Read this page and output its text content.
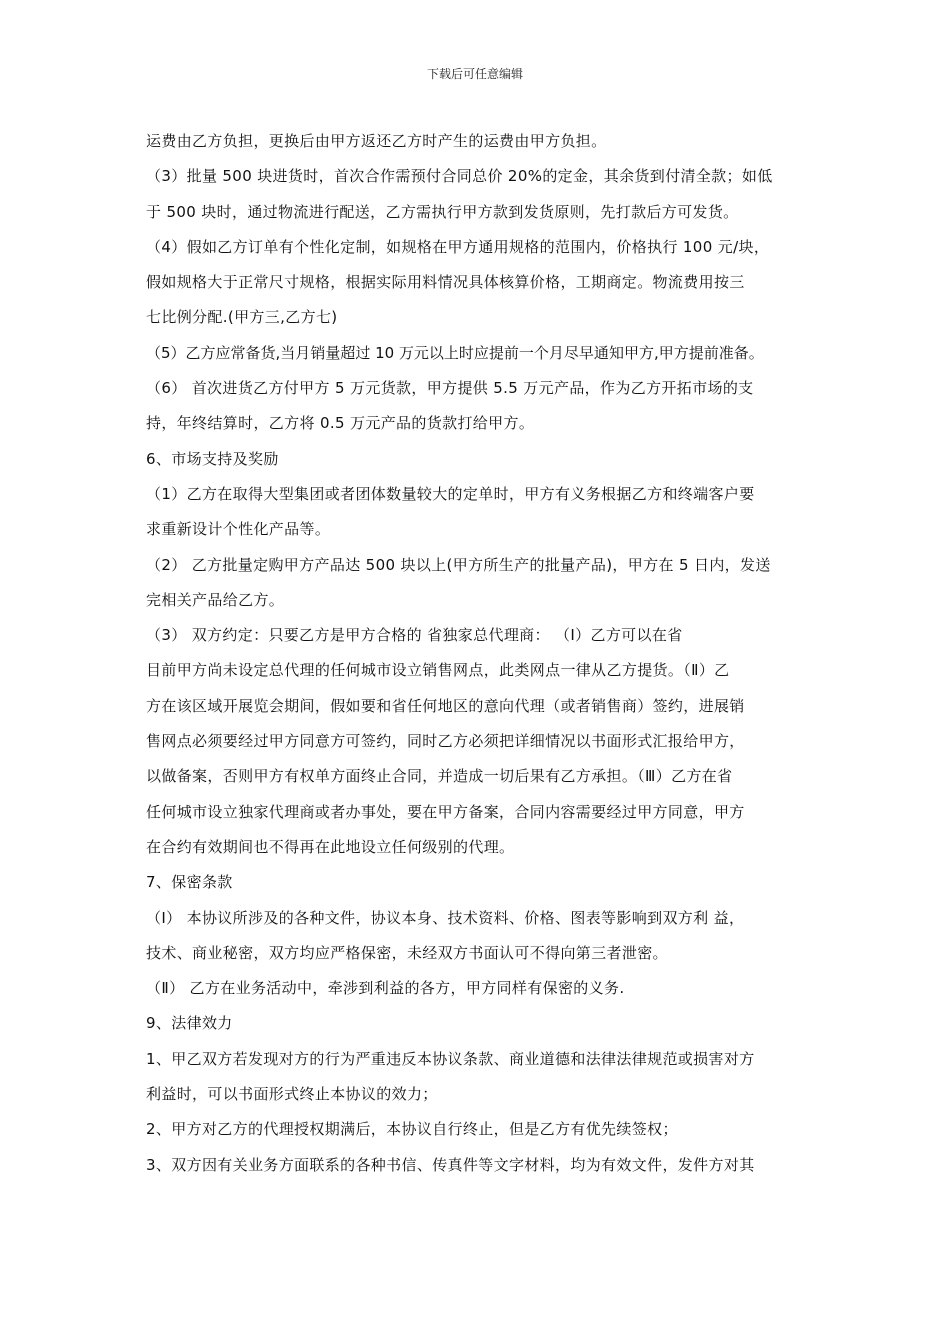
下载后可任意编辑
运费由乙方负担，更换后由甲方返还乙方时产生的运费由甲方负担。
（3）批量 500 块进货时，首次合作需预付合同总价 20%的定金，其余货到付清全款；如低
于 500 块时，通过物流进行配送，乙方需执行甲方款到发货原则，先打款后方可发货。
（4）假如乙方订单有个性化定制，如规格在甲方通用规格的范围内，价格执行 100 元/块，
假如规格大于正常尺寸规格，根据实际用料情况具体核算价格，工期商定。物流费用按三
七比例分配.(甲方三,乙方七)
（5）乙方应常备货,当月销量超过 10 万元以上时应提前一个月尽早通知甲方,甲方提前准备。
（6） 首次进货乙方付甲方 5 万元货款，甲方提供 5.5 万元产品，作为乙方开拓市场的支
持，年终结算时，乙方将 0.5 万元产品的货款打给甲方。
6、市场支持及奖励
（1）乙方在取得大型集团或者团体数量较大的定单时，甲方有义务根据乙方和终端客户要
求重新设计个性化产品等。
（2） 乙方批量定购甲方产品达 500 块以上(甲方所生产的批量产品)，甲方在 5 日内，发送
完相关产品给乙方。
（3） 双方约定：只要乙方是甲方合格的 省独家总代理商： （Ⅰ）乙方可以在省
目前甲方尚未设定总代理的任何城市设立销售网点，此类网点一律从乙方提货。（Ⅱ）乙
方在该区域开展览会期间，假如要和省任何地区的意向代理（或者销售商）签约，进展销
售网点必须要经过甲方同意方可签约，同时乙方必须把详细情况以书面形式汇报给甲方，
以做备案，否则甲方有权单方面终止合同，并造成一切后果有乙方承担。（Ⅲ）乙方在省
任何城市设立独家代理商或者办事处，要在甲方备案，合同内容需要经过甲方同意，甲方
在合约有效期间也不得再在此地设立任何级别的代理。
7、保密条款
（Ⅰ） 本协议所涉及的各种文件，协议本身、技术资料、价格、图表等影响到双方利 益，
技术、商业秘密，双方均应严格保密，未经双方书面认可不得向第三者泄密。
（Ⅱ） 乙方在业务活动中，牵涉到利益的各方，甲方同样有保密的义务.
9、法律效力
1、甲乙双方若发现对方的行为严重违反本协议条款、商业道德和法律法律规范或损害对方
利益时，可以书面形式终止本协议的效力；
2、甲方对乙方的代理授权期满后，本协议自行终止，但是乙方有优先续签权；
3、双方因有关业务方面联系的各种书信、传真件等文字材料，均为有效文件，发件方对其
